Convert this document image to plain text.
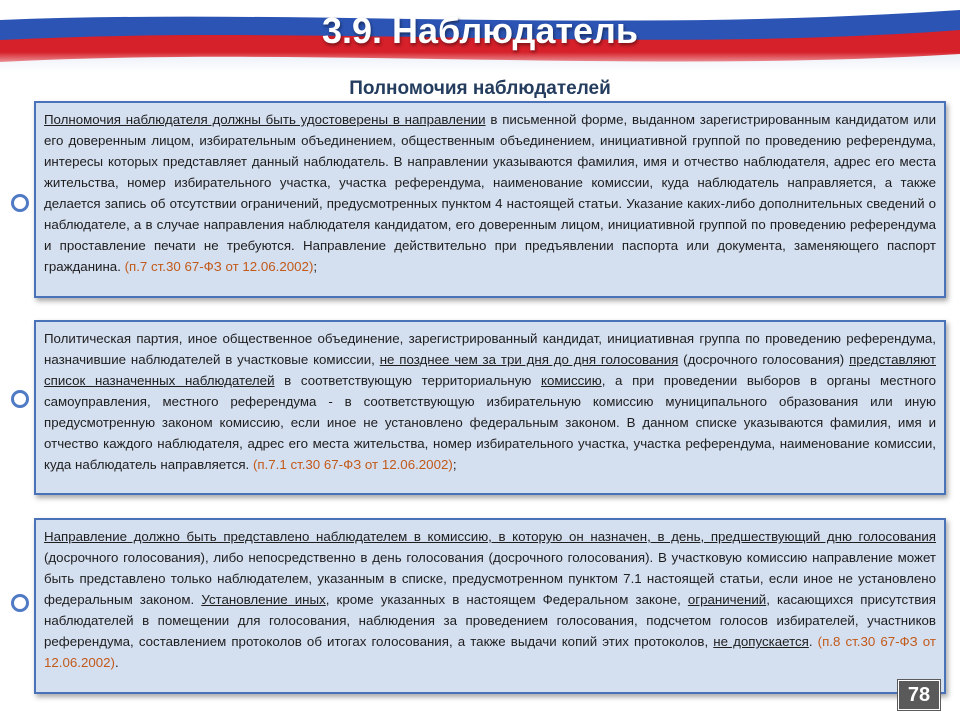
3.9. Наблюдатель
Полномочия наблюдателей
Полномочия наблюдателя должны быть удостоверены в направлении в письменной форме, выданном зарегистрированным кандидатом или его доверенным лицом, избирательным объединением, общественным объединением, инициативной группой по проведению референдума, интересы которых представляет данный наблюдатель. В направлении указываются фамилия, имя и отчество наблюдателя, адрес его места жительства, номер избирательного участка, участка референдума, наименование комиссии, куда наблюдатель направляется, а также делается запись об отсутствии ограничений, предусмотренных пунктом 4 настоящей статьи. Указание каких-либо дополнительных сведений о наблюдателе, а в случае направления наблюдателя кандидатом, его доверенным лицом, инициативной группой по проведению референдума и проставление печати не требуются. Направление действительно при предъявлении паспорта или документа, заменяющего паспорт гражданина. (п.7 ст.30 67-ФЗ от 12.06.2002);
Политическая партия, иное общественное объединение, зарегистрированный кандидат, инициативная группа по проведению референдума, назначившие наблюдателей в участковые комиссии, не позднее чем за три дня до дня голосования (досрочного голосования) представляют список назначенных наблюдателей в соответствующую территориальную комиссию, а при проведении выборов в органы местного самоуправления, местного референдума - в соответствующую избирательную комиссию муниципального образования или иную предусмотренную законом комиссию, если иное не установлено федеральным законом. В данном списке указываются фамилия, имя и отчество каждого наблюдателя, адрес его места жительства, номер избирательного участка, участка референдума, наименование комиссии, куда наблюдатель направляется. (п.7.1 ст.30 67-ФЗ от 12.06.2002);
Направление должно быть представлено наблюдателем в комиссию, в которую он назначен, в день, предшествующий дню голосования (досрочного голосования), либо непосредственно в день голосования (досрочного голосования). В участковую комиссию направление может быть представлено только наблюдателем, указанным в списке, предусмотренном пунктом 7.1 настоящей статьи, если иное не установлено федеральным законом. Установление иных, кроме указанных в настоящем Федеральном законе, ограничений, касающихся присутствия наблюдателей в помещении для голосования, наблюдения за проведением голосования, подсчетом голосов избирателей, участников референдума, составлением протоколов об итогах голосования, а также выдачи копий этих протоколов, не допускается. (п.8 ст.30 67-ФЗ от 12.06.2002).
78
